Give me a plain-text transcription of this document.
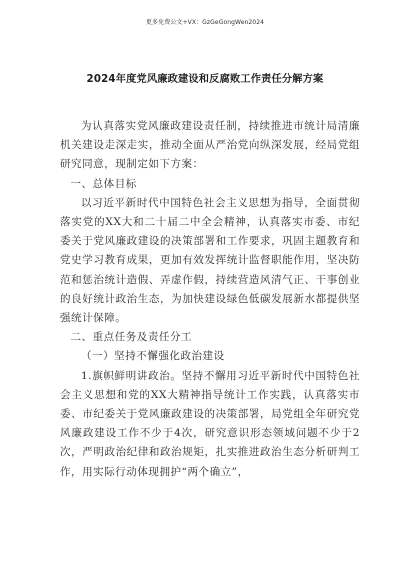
更多免费公文+VX：GzGeGongWen2024
2024年度党风廉政建设和反腐败工作责任分解方案

为认真落实党风廉政建设责任制，持续推进市统计局清廉机关建设走深走实，推动全面从严治党向纵深发展，经局党组研究同意，现制定如下方案：

一、总体目标

以习近平新时代中国特色社会主义思想为指导，全面贯彻落实党的XX大和二十届二中全会精神，认真落实市委、市纪委关于党风廉政建设的决策部署和工作要求，巩固主题教育和党史学习教育成果，更加有效发挥统计监督职能作用，坚决防范和惩治统计造假、弄虚作假，持续营造风清气正、干事创业的良好统计政治生态，为加快建设绿色低碳发展新水都提供坚强统计保障。

二、重点任务及责任分工

（一）坚持不懈强化政治建设

1.旗帜鲜明讲政治。坚持不懈用习近平新时代中国特色社会主义思想和党的XX大精神指导统计工作实践，认真落实市委、市纪委关于党风廉政建设的决策部署，局党组全年研究党风廉政建设工作不少于4次，研究意识形态领域问题不少于2次，严明政治纪律和政治规矩，扎实推进政治生态分析研判工作，用实际行动体现拥护“两个确立”，
